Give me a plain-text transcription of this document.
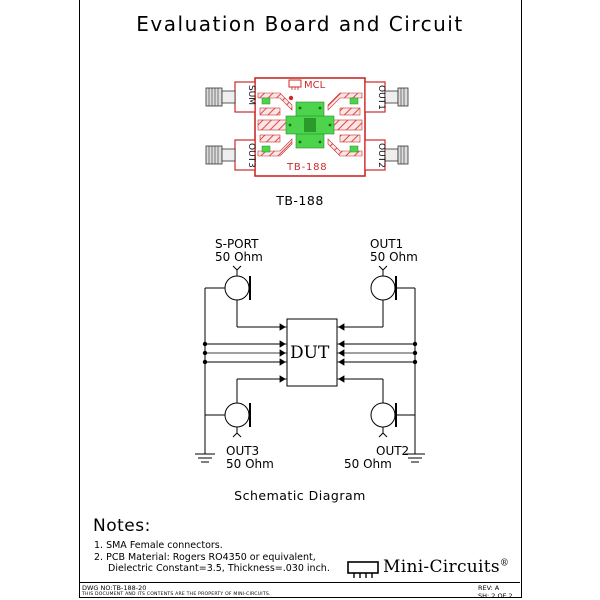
Evaluation Board and Circuit
SUM
OUT3
OUT1
OUT2
MCL
TB-188
TB-188
DUT
S-PORT
50 Ohm
OUT1
50 Ohm
OUT3
50 Ohm
OUT2
50 Ohm
Schematic Diagram
Notes:
1. SMA Female connectors.
2. PCB Material: Rogers RO4350 or equivalent,
Dielectric Constant=3.5, Thickness=.030 inch.	Mini-Circuits®
DWG NO:TB-188-20
THIS DOCUMENT AND ITS CONTENTS ARE THE PROPERTY OF MINI-CIRCUITS.
REV: A
SH: 2 OF 2
